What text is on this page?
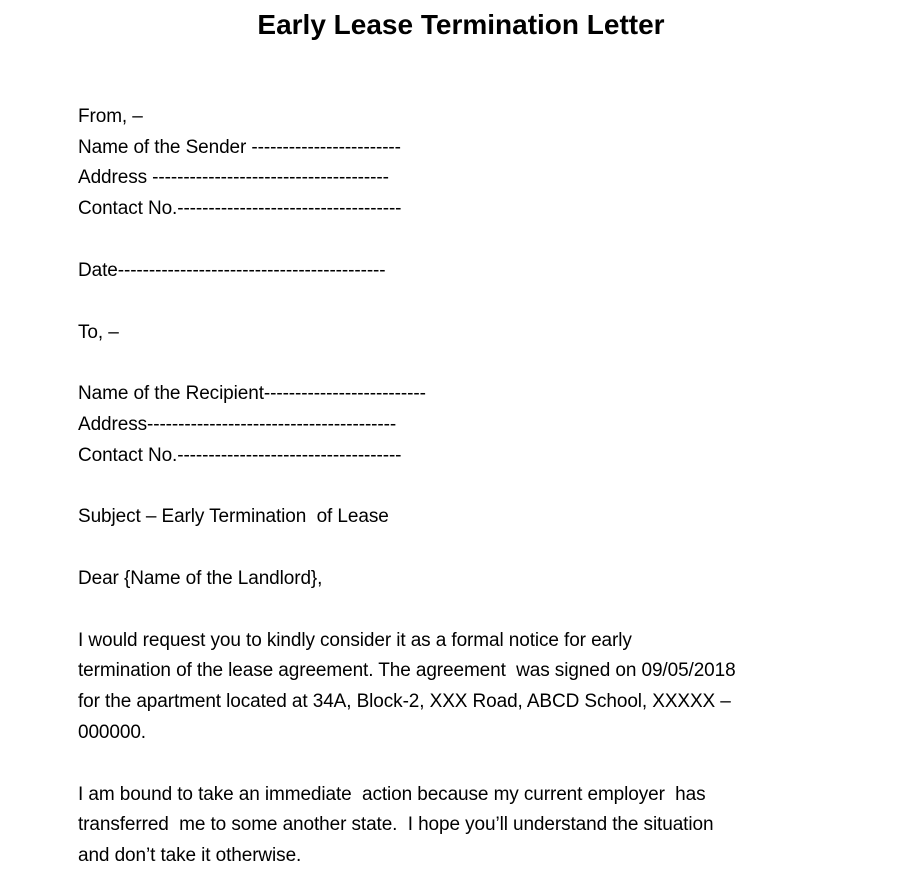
Early Lease Termination Letter
From, –
Name of the Sender ------------------------
Address --------------------------------------
Contact No.------------------------------------
Date-------------------------------------------
To, –
Name of the Recipient--------------------------
Address----------------------------------------
Contact No.------------------------------------
Subject – Early Termination  of Lease
Dear {Name of the Landlord},
I would request you to kindly consider it as a formal notice for early
termination of the lease agreement. The agreement  was signed on 09/05/2018
for the apartment located at 34A, Block-2, XXX Road, ABCD School, XXXXX –
000000.
I am bound to take an immediate  action because my current employer  has
transferred  me to some another state.  I hope you’ll understand the situation
and don’t take it otherwise.
